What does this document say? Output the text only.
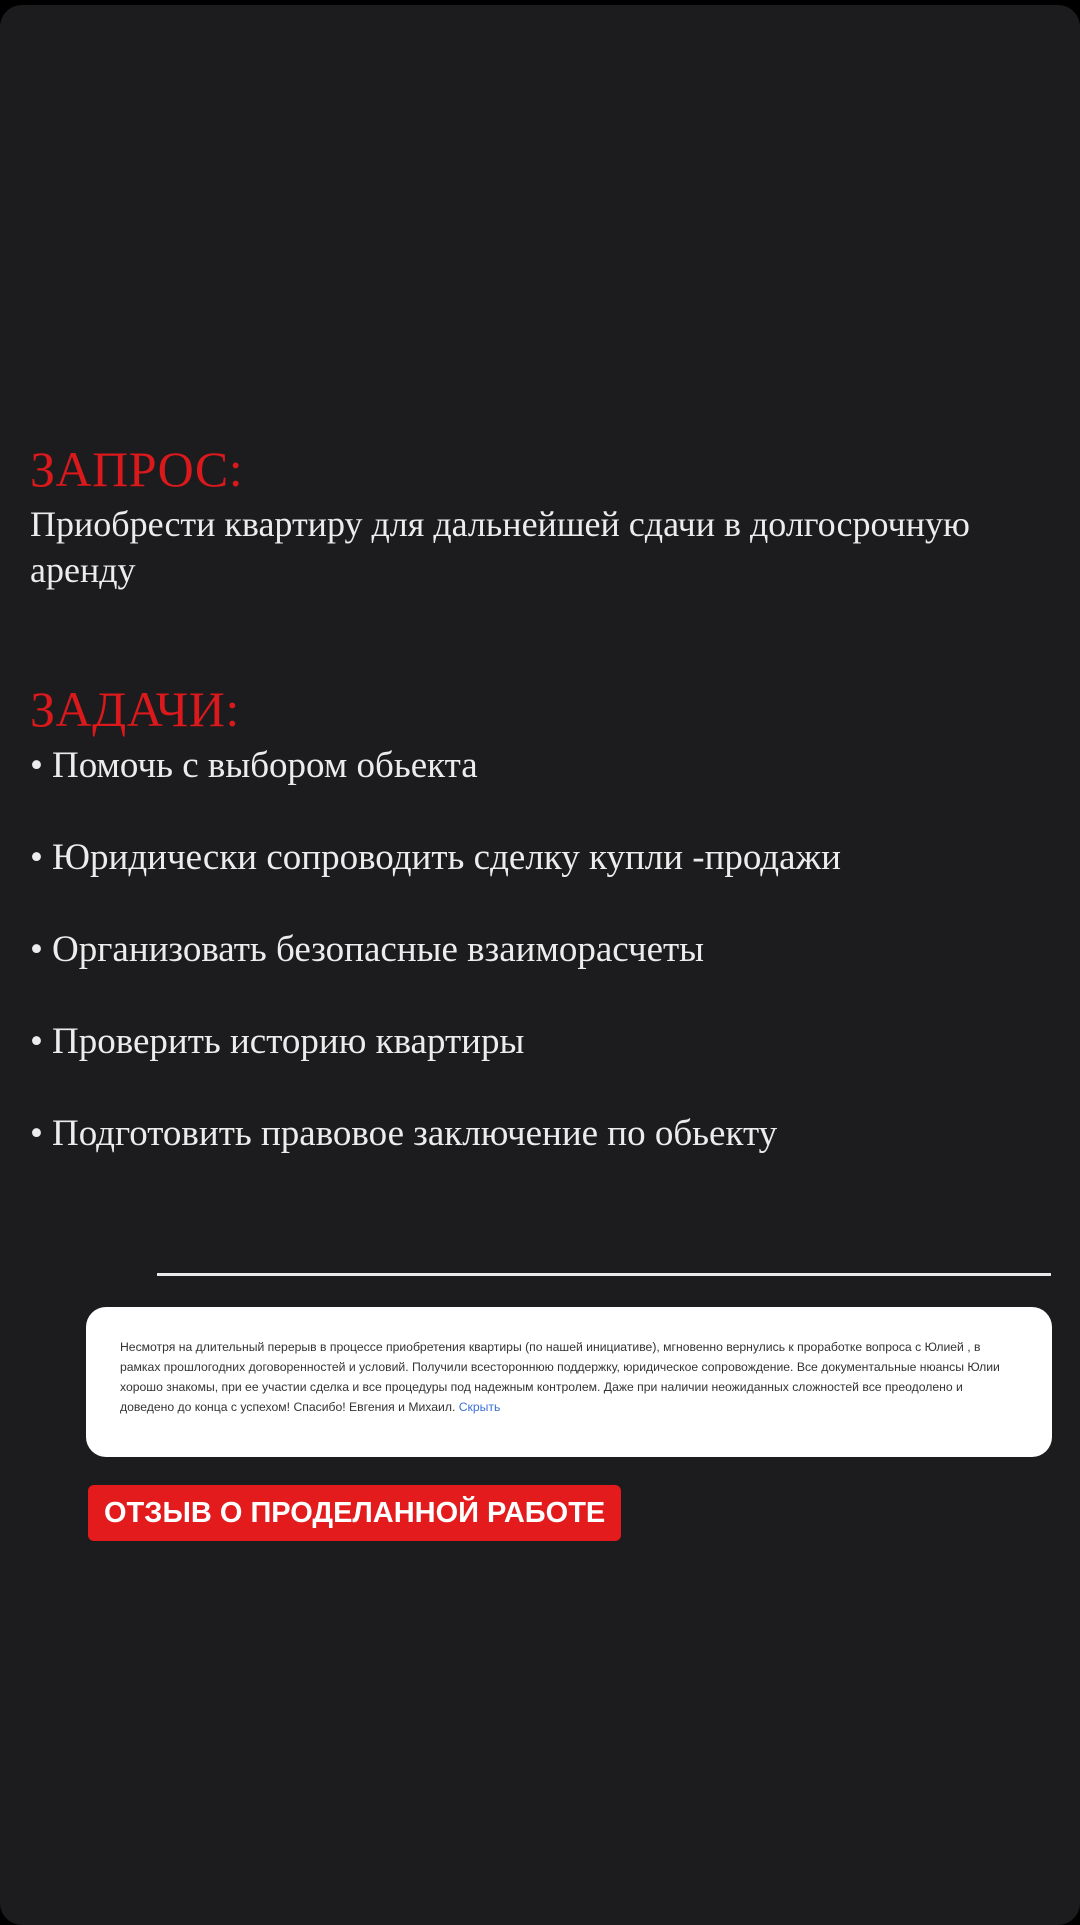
ЗАПРОС:

Приобрести квартиру для дальнейшей сдачи в долгосрочную аренду

ЗАДАЧИ:
• Помочь с выбором обьекта
• Юридически сопроводить сделку купли -продажи
• Организовать безопасные взаиморасчеты
• Проверить историю квартиры
• Подготовить правовое заключение по обьекту
Несмотря на длительный перерыв в процессе приобретения квартиры (по нашей инициативе), мгновенно вернулись к проработке вопроса с Юлией , в рамках прошлогодних договоренностей и условий. Получили всестороннюю поддержку, юридическое сопровождение. Все документальные нюансы Юлии хорошо знакомы, при ее участии сделка и все процедуры под надежным контролем. Даже при наличии неожиданных сложностей все преодолено и доведено до конца с успехом! Спасибо! Евгения и Михаил. Скрыть
ОТЗЫВ О ПРОДЕЛАННОЙ РАБОТЕ
